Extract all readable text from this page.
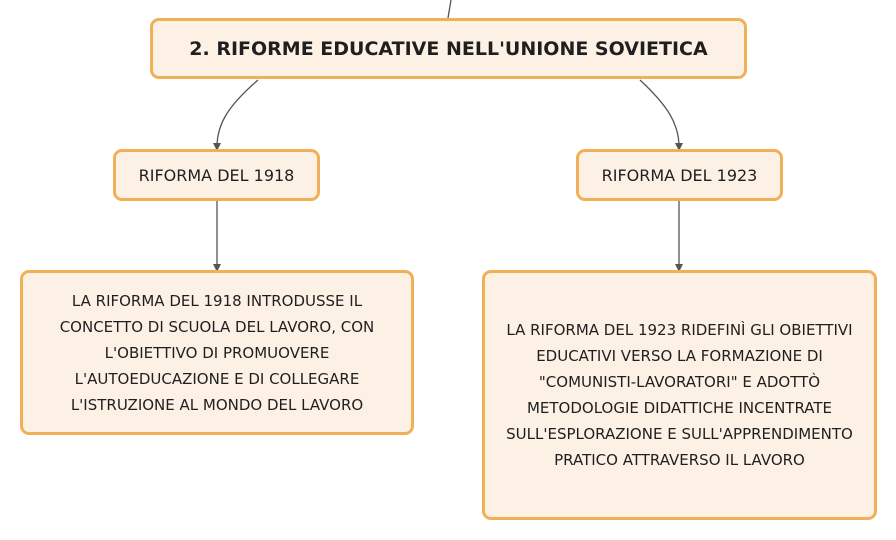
2. RIFORME EDUCATIVE NELL'UNIONE SOVIETICA
RIFORMA DEL 1918	RIFORMA DEL 1923
LA RIFORMA DEL 1918 INTRODUSSE IL CONCETTO DI SCUOLA DEL LAVORO, CON L'OBIETTIVO DI PROMUOVERE L'AUTOEDUCAZIONE E DI COLLEGARE L'ISTRUZIONE AL MONDO DEL LAVORO
LA RIFORMA DEL 1923 RIDEFINÌ GLI OBIETTIVI EDUCATIVI VERSO LA FORMAZIONE DI "COMUNISTI-LAVORATORI" E ADOTTÒ METODOLOGIE DIDATTICHE INCENTRATE SULL'ESPLORAZIONE E SULL'APPRENDIMENTO PRATICO ATTRAVERSO IL LAVORO
